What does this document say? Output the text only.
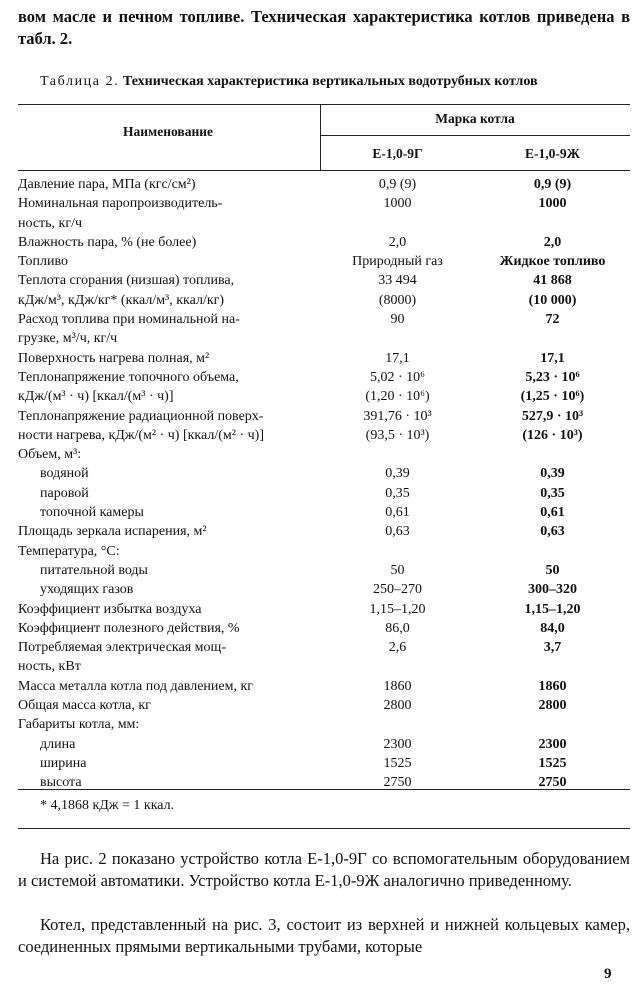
вом масле и печном топливе. Техническая характеристика котлов приведена в табл. 2.
Таблица 2. Техническая характеристика вертикальных водотрубных котлов
Наименование
Марка котла
Е-1,0-9Г	Е-1,0-9Ж
Давление пара, МПа (кгс/см²)	0,9 (9)	0,9 (9)
Номинальная паропроизводитель-	1000	1000
ность, кг/ч
Влажность пара, % (не более)	2,0	2,0
Топливо	Природный газ	Жидкое топливо
Теплота сгорания (низшая) топлива,	33 494	41 868
кДж/м³, кДж/кг* (ккал/м³, ккал/кг)	(8000)	(10 000)
Расход топлива при номинальной на-	90	72
грузке, м³/ч, кг/ч
Поверхность нагрева полная, м²	17,1	17,1
Теплонапряжение топочного объема,	5,02 · 10⁶	5,23 · 10⁶
кДж/(м³ · ч) [ккал/(м³ · ч)]	(1,20 · 10⁶)	(1,25 · 10⁶)
Теплонапряжение радиационной поверх-	391,76 · 10³	527,9 · 10³
ности нагрева, кДж/(м² · ч) [ккал/(м² · ч)]	(93,5 · 10³)	(126 · 10³)
Объем, м³:
водяной	0,39	0,39
паровой	0,35	0,35
топочной камеры	0,61	0,61
Площадь зеркала испарения, м²	0,63	0,63
Температура, °С:
питательной воды	50	50
уходящих газов	250–270	300–320
Коэффициент избытка воздуха	1,15–1,20	1,15–1,20
Коэффициент полезного действия, %	86,0	84,0
Потребляемая электрическая мощ-	2,6	3,7
ность, кВт
Масса металла котла под давлением, кг	1860	1860
Общая масса котла, кг	2800	2800
Габариты котла, мм:
длина	2300	2300
ширина	1525	1525
высота	2750	2750
* 4,1868 кДж = 1 ккал.
На рис. 2 показано устройство котла Е-1,0-9Г со вспомогательным оборудованием и системой автоматики. Устройство котла Е-1,0-9Ж аналогично приведенному.
Котел, представленный на рис. 3, состоит из верхней и нижней кольцевых камер, соединенных прямыми вертикальными трубами, которые
9
